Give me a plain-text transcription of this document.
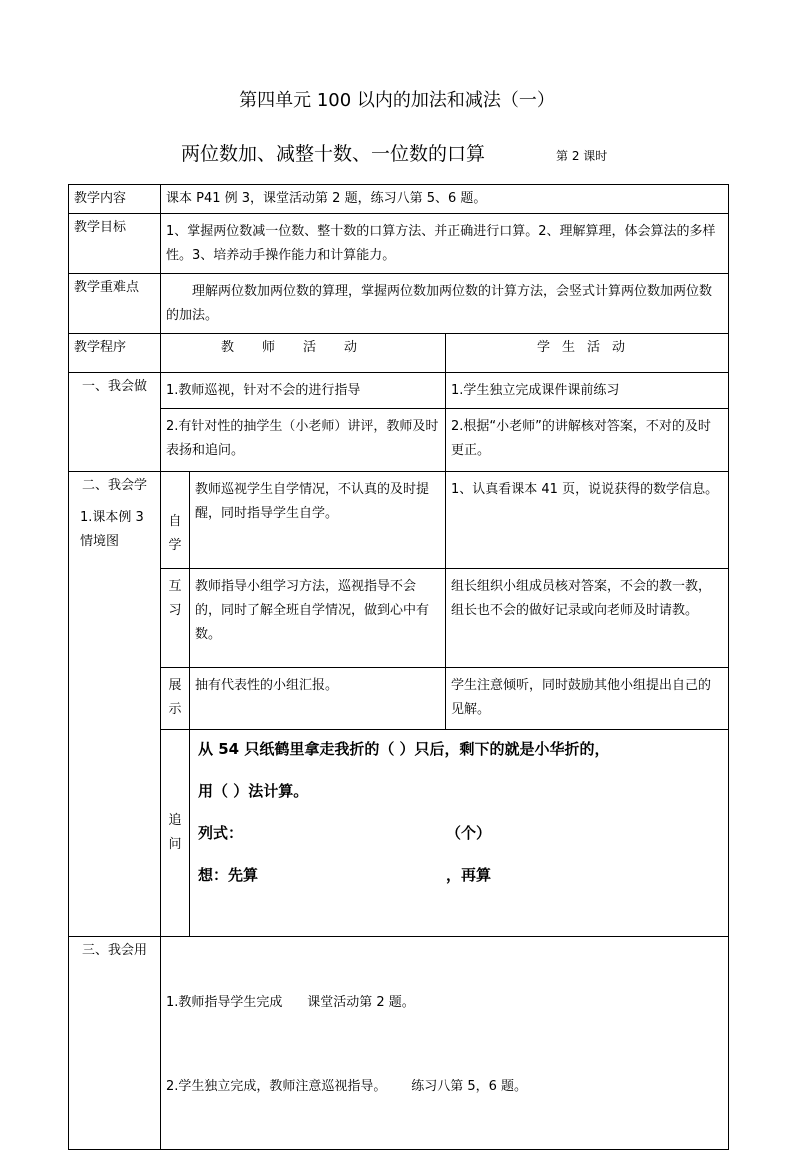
第四单元 100 以内的加法和减法（一）
两位数加、减整十数、一位数的口算	第 2 课时
教学内容	课本 P41 例 3，课堂活动第 2 题，练习八第 5、6 题。			
教学目标	1、掌握两位数减一位数、整十数的口算方法、并正确进行口算。2、理解算理，体会算法的多样性。3、培养动手操作能力和计算能力。			
教学重难点	理解两位数加两位数的算理，掌握两位数加两位数的计算方法，会竖式计算两位数加两位数的加法。			
教学程序	教师活动		学生活动	
一、我会做	1.教师巡视，针对不会的进行指导		1.学生独立完成课件课前练习	
	2.有针对性的抽学生（小老师）讲评，教师及时表扬和追问。		2.根据“小老师”的讲解核对答案，不对的及时更正。	

二、我会学
1.课本例 3 情境图	自学	教师巡视学生自学情况，不认真的及时提醒，同时指导学生自学。	1、认真看课本 41 页，说说获得的数学信息。	
	互习	教师指导小组学习方法，巡视指导不会的，同时了解全班自学情况，做到心中有数。	组长组织小组成员核对答案，不会的教一教，组长也不会的做好记录或向老师及时请教。	
	展示	抽有代表性的小组汇报。	学生注意倾听，同时鼓励其他小组提出自己的见解。	
	追问	从 54 只纸鹤里拿走我折的（ ）只后，剩下的就是小华折的，
用（ ）法计算。
列式： （个）
想：先算 ，再算		

三、我会用	1.教师指导学生完成      课堂活动第 2 题。

2.学生独立完成，教师注意巡视指导。      练习八第 5，6 题。			
